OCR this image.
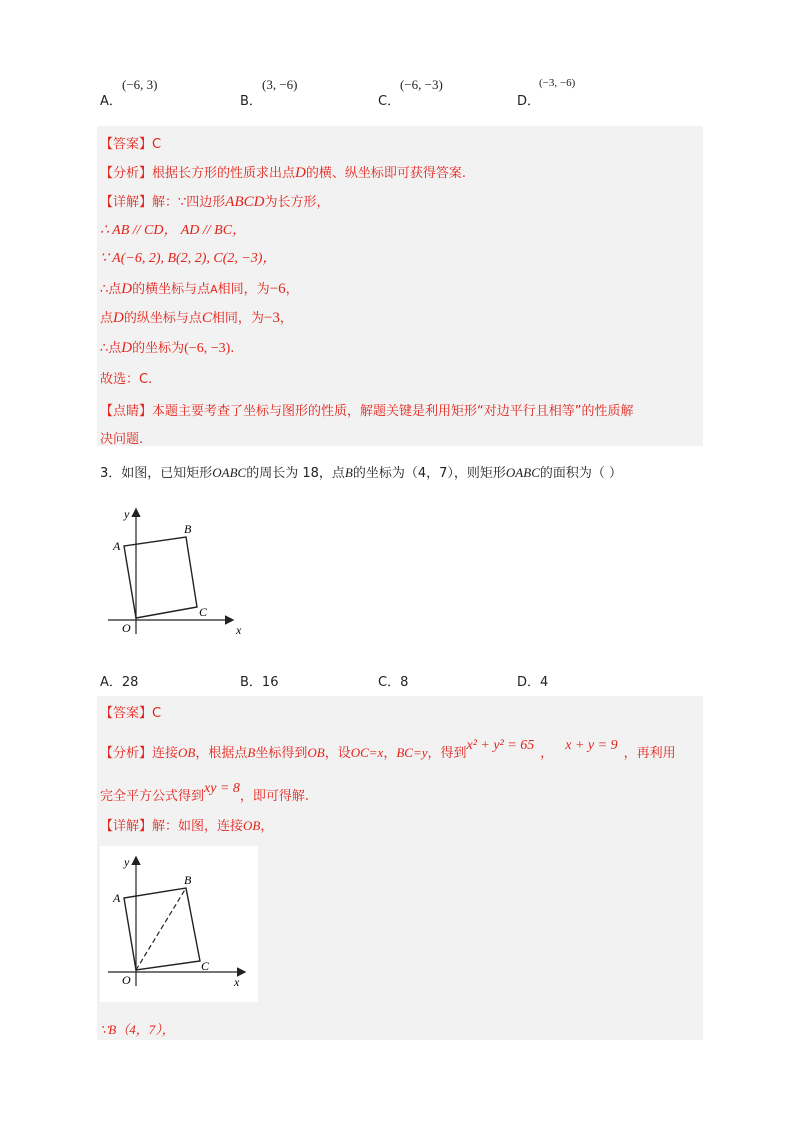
A．
(−6, 3)
B．
(3, −6)
C．
(−6, −3)
D．
(−3, −6)
【答案】C
【分析】根据长方形的性质求出点D的横、纵坐标即可获得答案.
【详解】解：∵四边形ABCD为长方形，
∴ AB // CD， AD // BC，
∵ A(−6, 2), B(2, 2), C(2, −3)，
∴点D的横坐标与点A相同，为−6，
点D的纵坐标与点C相同，为−3，
∴点D的坐标为(−6, −3).
故选：C.
【点睛】本题主要考查了坐标与图形的性质，解题关键是利用矩形“对边平行且相等”的性质解
决问题.
3．如图，已知矩形OABC的周长为 18，点B的坐标为（4，7），则矩形OABC的面积为（ ）
y
x
O
A
B
C
A．28	B．16	C．8	D．4
【答案】C
【分析】连接OB，根据点B坐标得到OB，设OC=x，BC=y，得到x² + y² = 65，x + y = 9，再利用
完全平方公式得到xy = 8，即可得解.
【详解】解：如图，连接OB，
y
x
O
A
B
C
∵B（4，7），
